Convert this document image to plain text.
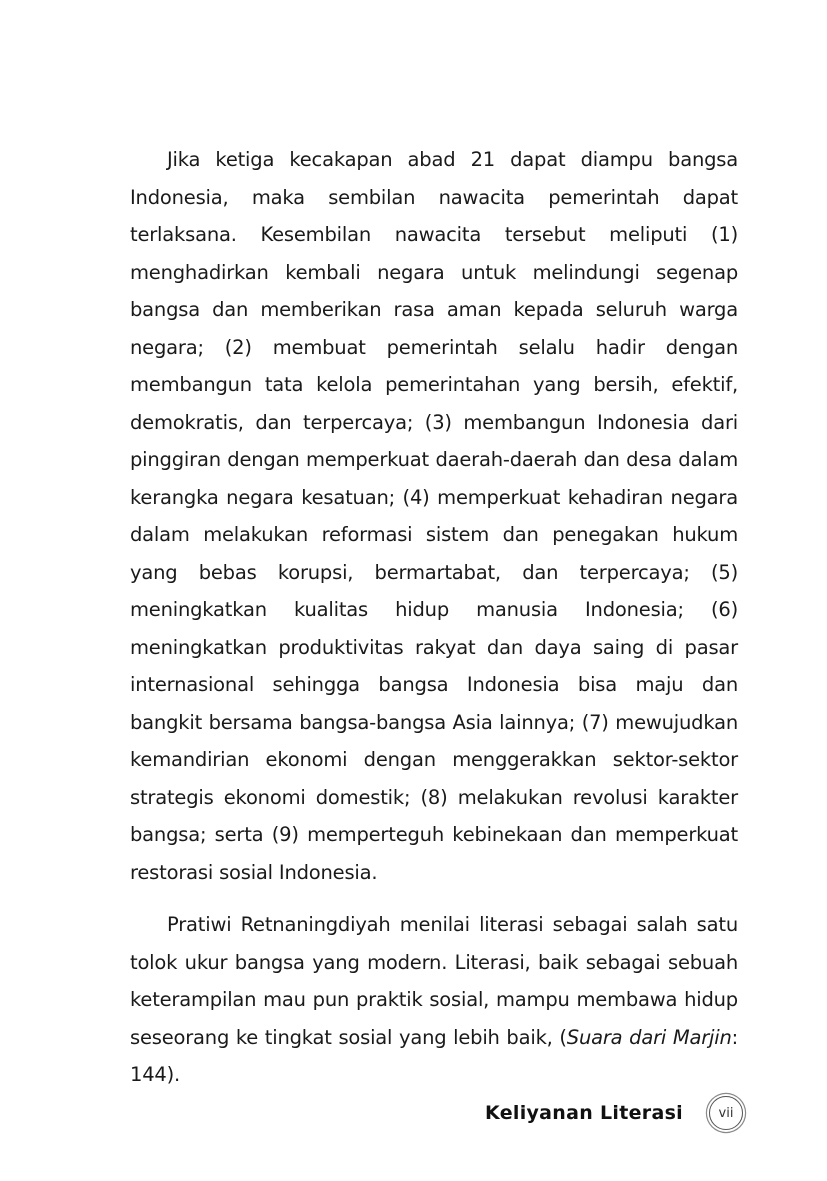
Jika ketiga kecakapan abad 21 dapat diampu bangsa Indonesia, maka sembilan nawacita pemerintah dapat terlaksana. Kesembilan nawacita tersebut meliputi (1) menghadirkan kembali negara untuk melindungi segenap bangsa dan memberikan rasa aman kepada seluruh warga negara; (2) membuat pemerintah selalu hadir dengan membangun tata kelola pemerintahan yang bersih, efektif, demokratis, dan terpercaya; (3) membangun Indonesia dari pinggiran dengan memperkuat daerah-daerah dan desa dalam kerangka negara kesatuan; (4) memperkuat kehadiran negara dalam melakukan reformasi sistem dan penegakan hukum yang bebas korupsi, bermartabat, dan terpercaya; (5) meningkatkan kualitas hidup manusia Indonesia; (6) meningkatkan produktivitas rakyat dan daya saing di pasar internasional sehingga bangsa Indonesia bisa maju dan bangkit bersama bangsa-bangsa Asia lainnya; (7) mewujudkan kemandirian ekonomi dengan menggerakkan sektor-sektor strategis ekonomi domestik; (8) melakukan revolusi karakter bangsa; serta (9) memperteguh kebinekaan dan memperkuat restorasi sosial Indonesia.

Pratiwi Retnaningdiyah menilai literasi sebagai salah satu tolok ukur bangsa yang modern. Literasi, baik sebagai sebuah keterampilan mau pun praktik sosial, mampu membawa hidup seseorang ke tingkat sosial yang lebih baik, (Suara dari Marjin: 144).

Keliyanan Literasi	vii
